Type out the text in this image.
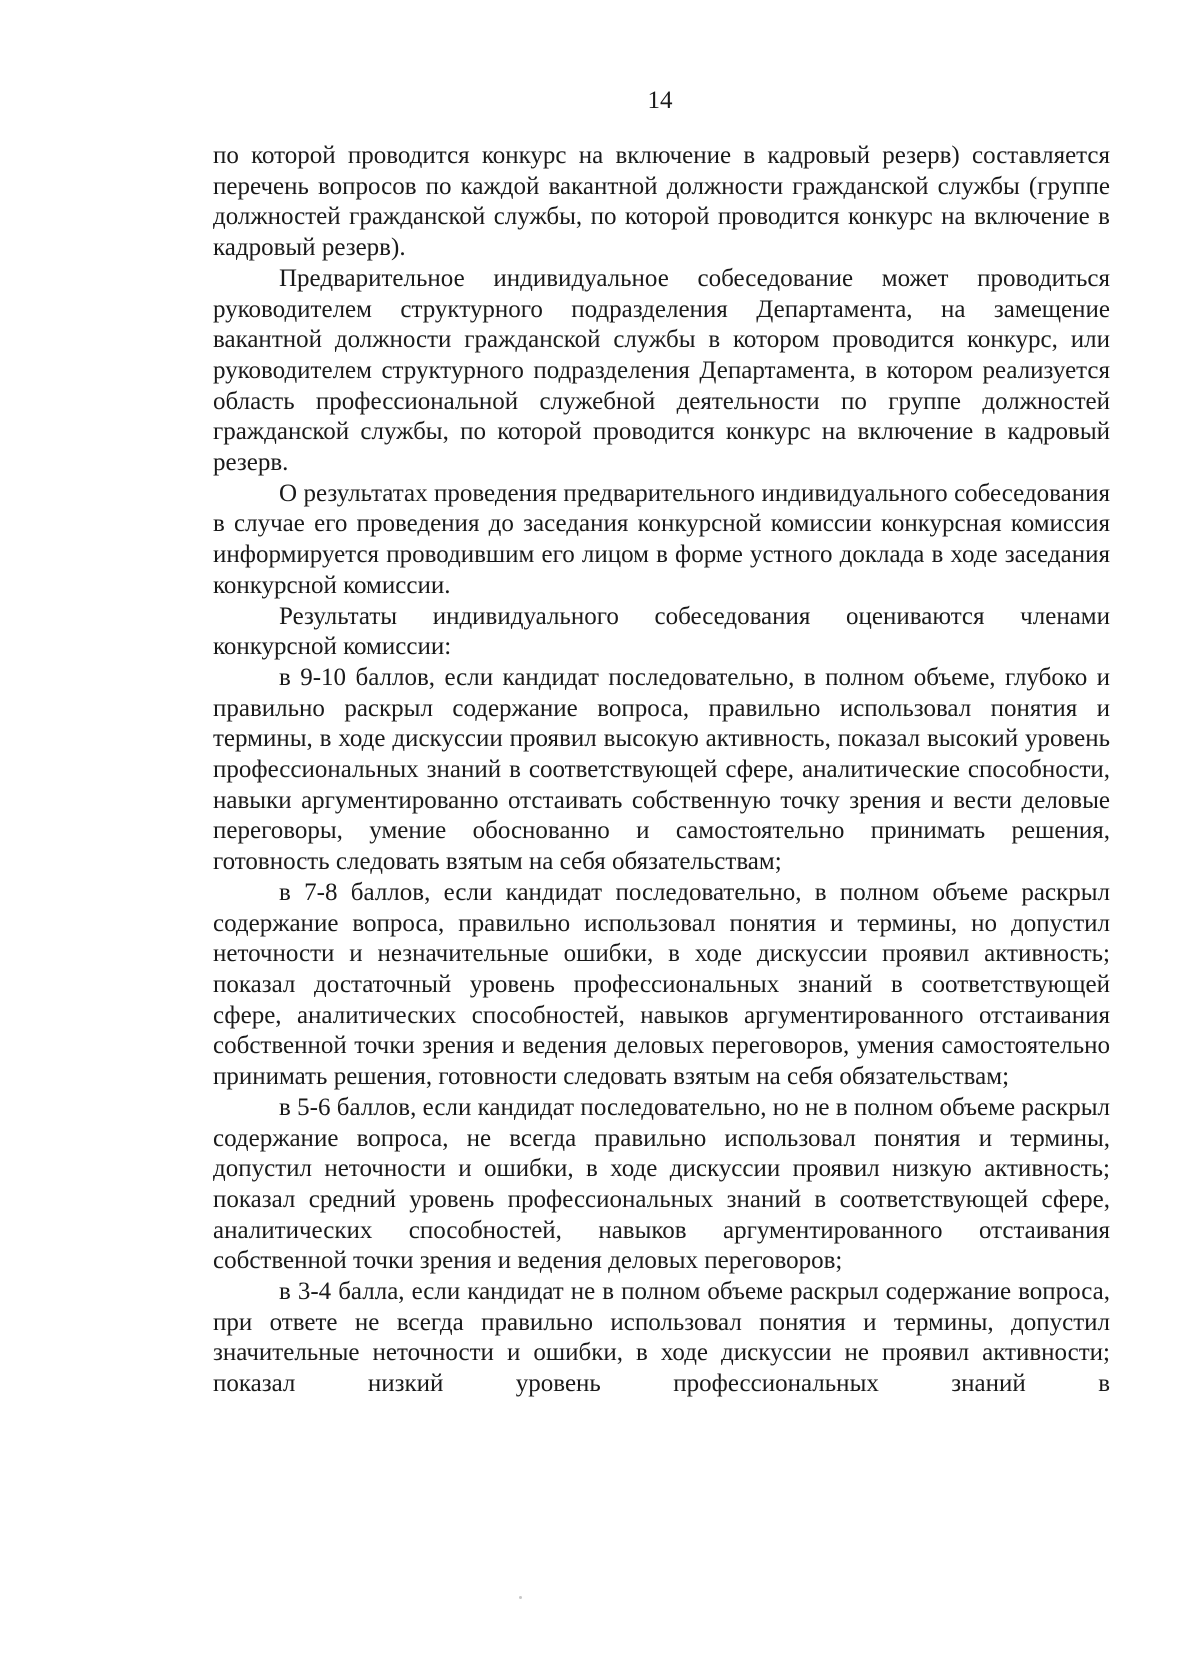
14

по которой проводится конкурс на включение в кадровый резерв) составляется перечень вопросов по каждой вакантной должности гражданской службы (группе должностей гражданской службы, по которой проводится конкурс на включение в кадровый резерв).

Предварительное индивидуальное собеседование может проводиться руководителем структурного подразделения Департамента, на замещение вакантной должности гражданской службы в котором проводится конкурс, или руководителем структурного подразделения Департамента, в котором реализуется область профессиональной служебной деятельности по группе должностей гражданской службы, по которой проводится конкурс на включение в кадровый резерв.

О результатах проведения предварительного индивидуального собеседования в случае его проведения до заседания конкурсной комиссии конкурсная комиссия информируется проводившим его лицом в форме устного доклада в ходе заседания конкурсной комиссии.

Результаты индивидуального собеседования оцениваются членами конкурсной комиссии:

в 9-10 баллов, если кандидат последовательно, в полном объеме, глубоко и правильно раскрыл содержание вопроса, правильно использовал понятия и термины, в ходе дискуссии проявил высокую активность, показал высокий уровень профессиональных знаний в соответствующей сфере, аналитические способности, навыки аргументированно отстаивать собственную точку зрения и вести деловые переговоры, умение обоснованно и самостоятельно принимать решения, готовность следовать взятым на себя обязательствам;

в 7-8 баллов, если кандидат последовательно, в полном объеме раскрыл содержание вопроса, правильно использовал понятия и термины, но допустил неточности и незначительные ошибки, в ходе дискуссии проявил активность; показал достаточный уровень профессиональных знаний в соответствующей сфере, аналитических способностей, навыков аргументированного отстаивания собственной точки зрения и ведения деловых переговоров, умения самостоятельно принимать решения, готовности следовать взятым на себя обязательствам;

в 5-6 баллов, если кандидат последовательно, но не в полном объеме раскрыл содержание вопроса, не всегда правильно использовал понятия и термины, допустил неточности и ошибки, в ходе дискуссии проявил низкую активность; показал средний уровень профессиональных знаний в соответствующей сфере, аналитических способностей, навыков аргументированного отстаивания собственной точки зрения и ведения деловых переговоров;

в 3-4 балла, если кандидат не в полном объеме раскрыл содержание вопроса, при ответе не всегда правильно использовал понятия и термины, допустил значительные неточности и ошибки, в ходе дискуссии не проявил активности; показал низкий уровень профессиональных знаний в
